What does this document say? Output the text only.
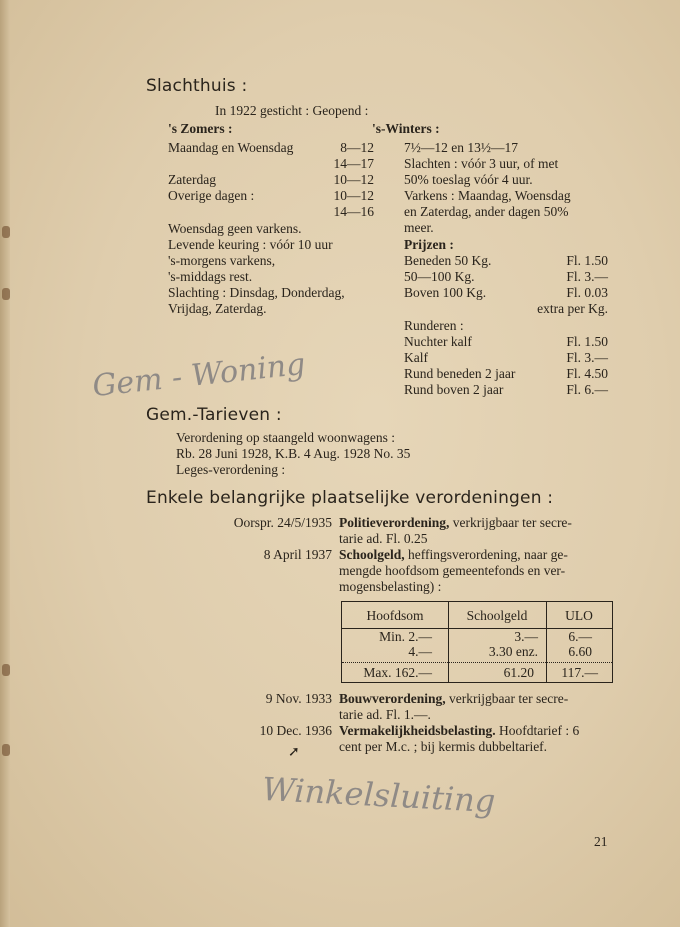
Slachthuis :
In 1922 gesticht : Geopend :
's Zomers :
Maandag en Woensdag	8—12
14—17
Zaterdag	10—12
Overige dagen :	10—12
14—16
Woensdag geen varkens.
Levende keuring : vóór 10 uur
's-morgens varkens,
's-middags rest.
Slachting : Dinsdag, Donderdag,
Vrijdag, Zaterdag.
's-Winters :
7½—12 en 13½—17
Slachten : vóór 3 uur, of met
50% toeslag vóór 4 uur.
Varkens : Maandag, Woensdag
en Zaterdag, ander dagen 50%
meer.
Prijzen :
Beneden 50 Kg.	Fl. 1.50
50—100 Kg.	Fl. 3.—
Boven 100 Kg.	Fl. 0.03
extra per Kg.
Runderen :
Nuchter kalf	Fl. 1.50
Kalf	Fl. 3.—
Rund beneden 2 jaar	Fl. 4.50
Rund boven 2 jaar	Fl. 6.—
Gem - Woning
Gem.-Tarieven :
Verordening op staangeld woonwagens :
Rb. 28 Juni 1928, K.B. 4 Aug. 1928 No. 35
Leges-verordening :
Enkele belangrijke plaatselijke verordeningen :
Oorspr. 24/5/1935 Politieverordening, verkrijgbaar ter secre-
tarie ad. Fl. 0.25
8 April 1937 Schoolgeld, heffingsverordening, naar ge-
mengde hoofdsom gemeentefonds en ver-
mogensbelasting) :
Hoofdsom	Schoolgeld	ULO
Min. 2.—	3.—	6.—
4.—	3.30 enz.	6.60
Max. 162.—	61.20	117.—
9 Nov. 1933 Bouwverordening, verkrijgbaar ter secre-
tarie ad. Fl. 1.—.
10 Dec. 1936 Vermakelijkheidsbelasting. Hoofdtarief : 6
cent per M.c. ; bij kermis dubbeltarief.
➚
Winkelsluiting
21
